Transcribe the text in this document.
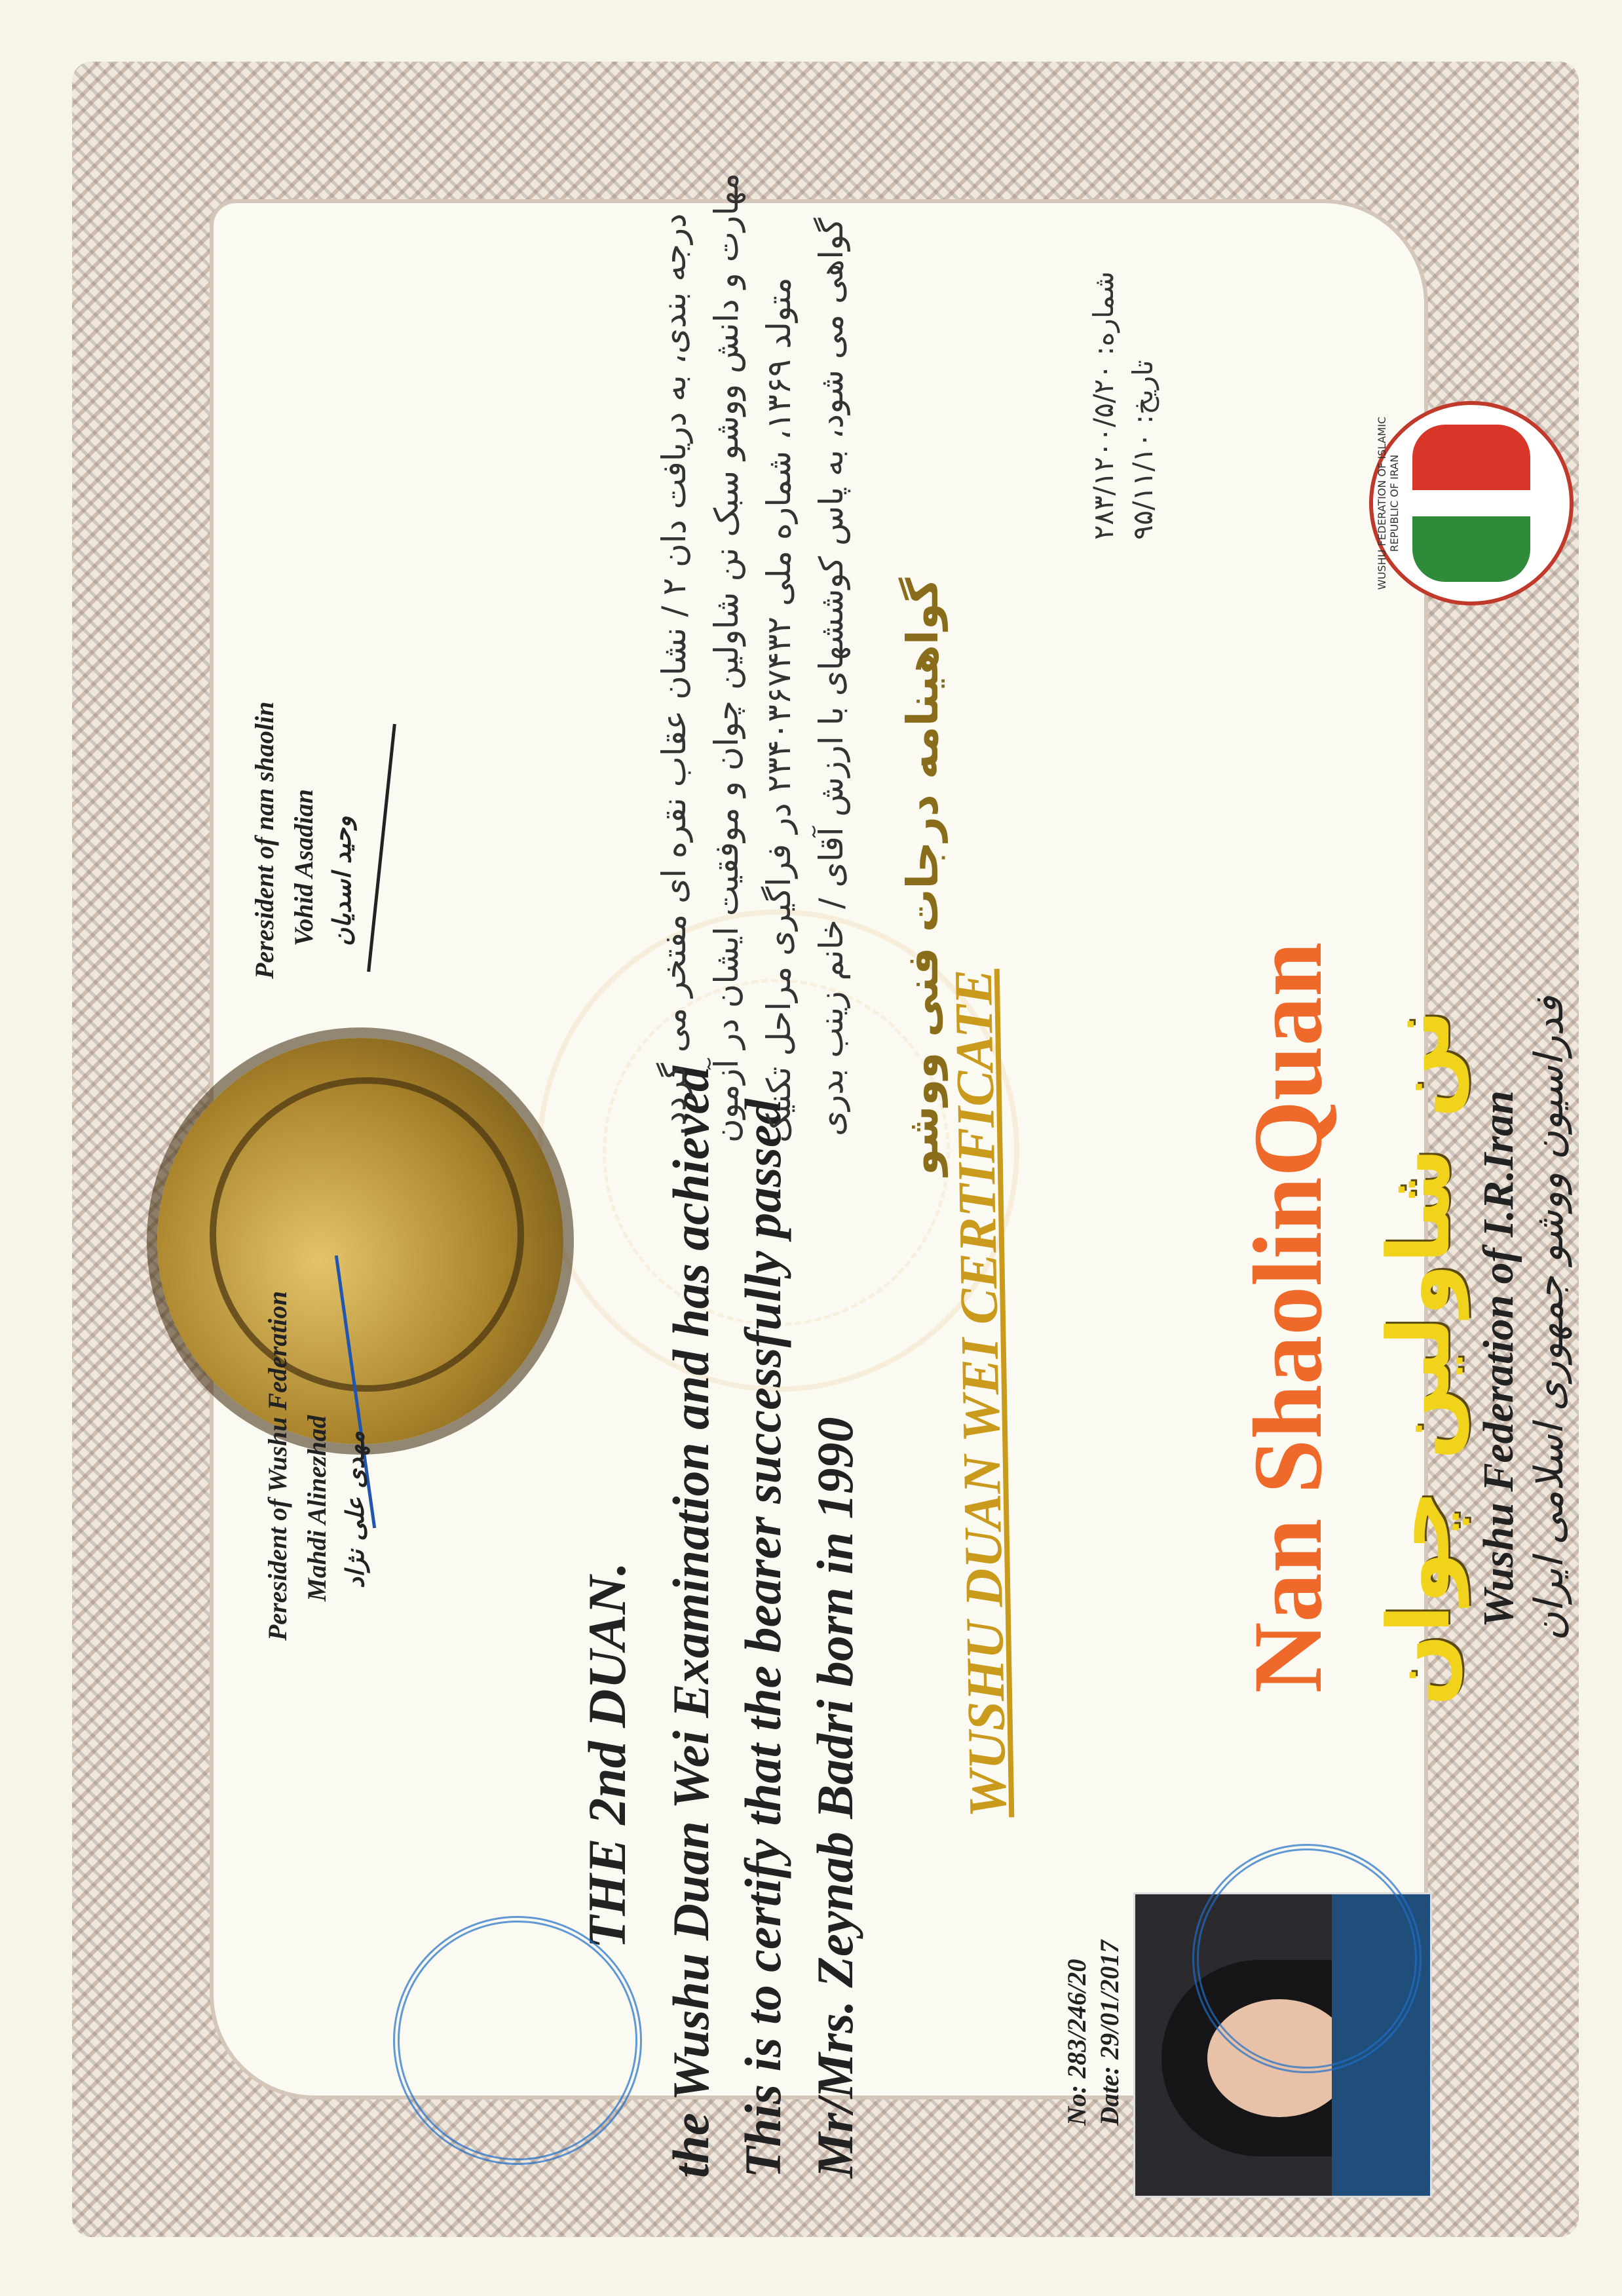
فدراسیون ووشو جمهوری اسلامی ایران
Wushu Federation of I.R.Iran
نن شاولین چوان
Nan ShaolinQuan
WUSHU DUAN WEI CERTIFICATE
Mr/Mrs. Zeynab Badri born in 1990
This is to certify that the bearer successfully passed
the Wushu Duan Wei Examination and has achieved
THE 2nd DUAN.
گواهینامه درجات فنی ووشو
گواهی می شود، به پاس کوششهای با ارزش آقای / خانم زینب بدری
متولد ۱۳۶۹، شماره ملی ۲۳۴۰۳۶۷۴۳۲ در فراگیری مراحل تکنیک
مهارت و دانش ووشو سبک نن شاولین چوان و موفقیت ایشان در آزمون
درجه بندی، به دریافت دان ۲ / نشان عقاب نقره ای مفتخر می گردد.	تاریخ: ۹۵/۱۱/۱۰
شماره: ۲۸۳/۱۲۰۰/۵/۲۰
WUSHU FEDERATION OF ISLAMIC REPUBLIC OF IRAN
Date: 29/01/2017
No: 283/246/20
Mahdi Alinezhad
Peresident of Wushu Federation مهدی علی نژاد
Vohid Asadian
Peresident of nan shaolin وحید اسدیان
